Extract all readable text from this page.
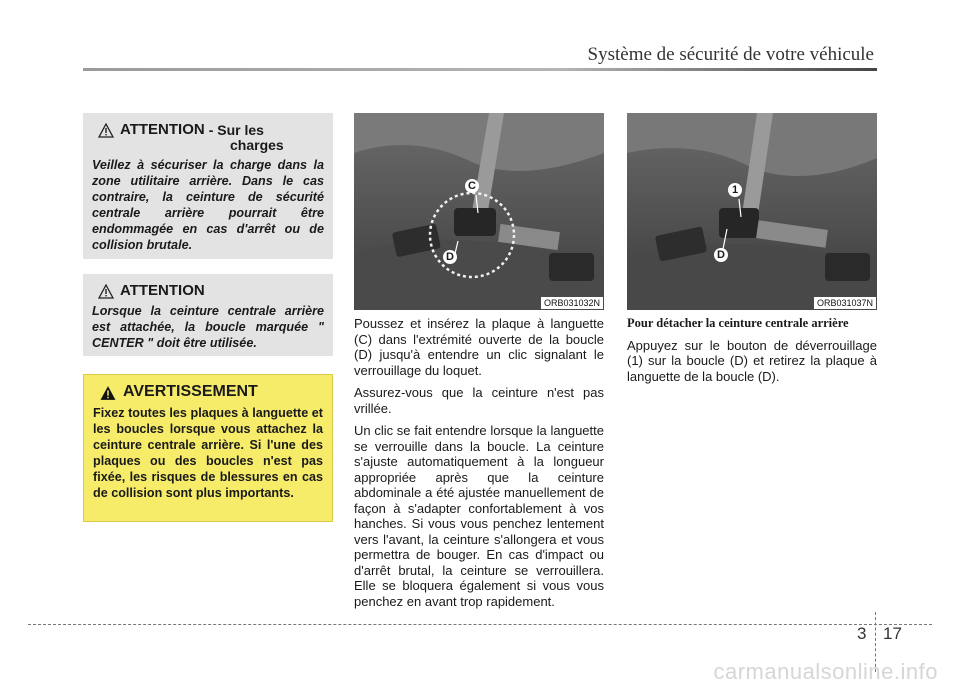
Système de sécurité de votre véhicule
ATTENTION - Sur les
charges
Veillez à sécuriser la charge dans la zone utilitaire arrière. Dans le cas contraire, la ceinture de sécurité centrale arrière pourrait être endommagée en cas d'arrêt ou de collision brutale.
ATTENTION
Lorsque la ceinture centrale arrière est attachée, la boucle marquée " CENTER " doit être utilisée.
AVERTISSEMENT
Fixez toutes les plaques à languette et les boucles lorsque vous attachez la ceinture centrale arrière. Si l'une des plaques ou des boucles n'est pas fixée, les risques de blessures en cas de collision sont plus importants.
C
D
ORB031032N
1
D
ORB031037N

Poussez et insérez la plaque à languette (C) dans l'extrémité ouverte de la boucle (D) jusqu'à entendre un clic signalant le verrouillage du loquet.

Assurez-vous que la ceinture n'est pas vrillée.

Un clic se fait entendre lorsque la languette se verrouille dans la boucle. La ceinture s'ajuste automatiquement à la longueur appropriée après que la ceinture abdominale a été ajustée manuellement de façon à s'adapter confortablement à vos hanches. Si vous vous penchez lentement vers l'avant, la ceinture s'allongera et vous permettra de bouger. En cas d'impact ou d'arrêt brutal, la ceinture se verrouillera. Elle se bloquera également si vous vous penchez en avant trop rapidement.

Pour détacher la ceinture centrale arrière

Appuyez sur le bouton de déverrouillage (1) sur la boucle (D) et retirez la plaque à languette de la boucle (D).

3 17
carmanualsonline.info
